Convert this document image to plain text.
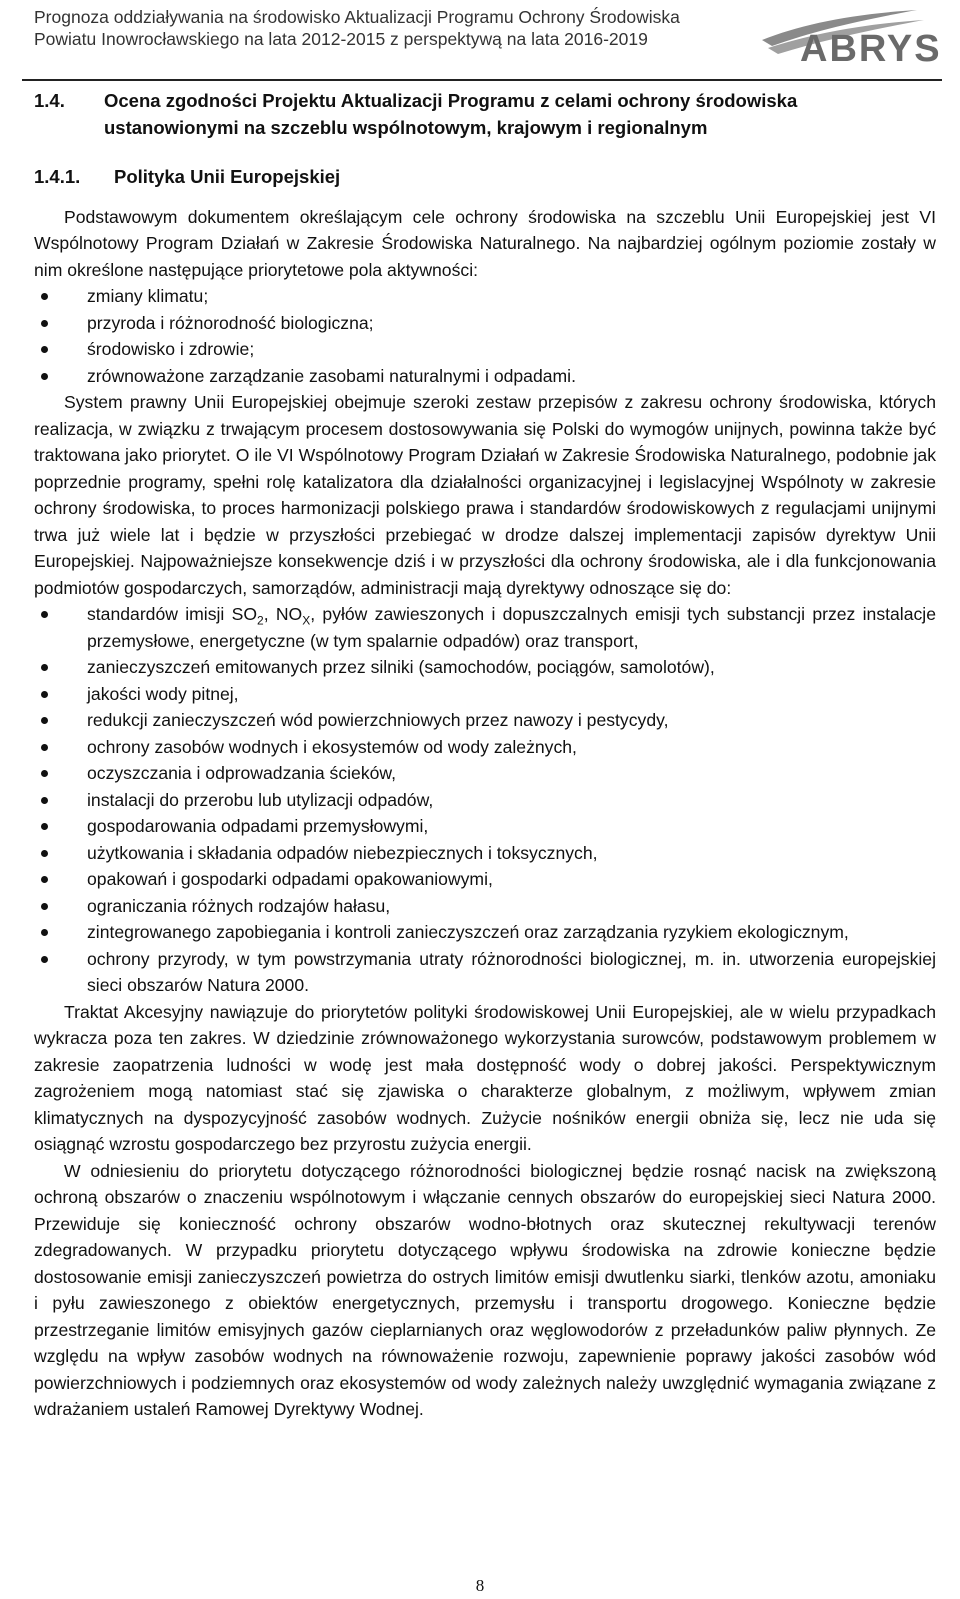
Prognoza oddziaływania na środowisko Aktualizacji Programu Ochrony Środowiska
Powiatu Inowrocławskiego na lata 2012-2015 z perspektywą na lata 2016-2019	ABRYS
1.4.	Ocena zgodności Projektu Aktualizacji Programu z celami ochrony środowiska ustanowionymi na szczeblu wspólnotowym, krajowym i regionalnym
1.4.1.	Polityka Unii Europejskiej

Podstawowym dokumentem określającym cele ochrony środowiska na szczeblu Unii Europejskiej jest VI Wspólnotowy Program Działań w Zakresie Środowiska Naturalnego. Na najbardziej ogólnym poziomie zostały w nim określone następujące priorytetowe pola aktywności:

zmiany klimatu;
przyroda i różnorodność biologiczna;
środowisko i zdrowie;
zrównoważone zarządzanie zasobami naturalnymi i odpadami.

System prawny Unii Europejskiej obejmuje szeroki zestaw przepisów z zakresu ochrony środowiska, których realizacja, w związku z trwającym procesem dostosowywania się Polski do wymogów unijnych, powinna także być traktowana jako priorytet. O ile VI Wspólnotowy Program Działań w Zakresie Środowiska Naturalnego, podobnie jak poprzednie programy, spełni rolę katalizatora dla działalności organizacyjnej i legislacyjnej Wspólnoty w zakresie ochrony środowiska, to proces harmonizacji polskiego prawa i standardów środowiskowych z regulacjami unijnymi trwa już wiele lat i będzie w przyszłości przebiegać w drodze dalszej implementacji zapisów dyrektyw Unii Europejskiej. Najpoważniejsze konsekwencje dziś i w przyszłości dla ochrony środowiska, ale i dla funkcjonowania podmiotów gospodarczych, samorządów, administracji mają dyrektywy odnoszące się do:

standardów imisji $SO_2$, $NO_X$, pyłów zawieszonych i dopuszczalnych emisji tych substancji przez instalacje przemysłowe, energetyczne (w tym spalarnie odpadów) oraz transport,
zanieczyszczeń emitowanych przez silniki (samochodów, pociągów, samolotów),
jakości wody pitnej,
redukcji zanieczyszczeń wód powierzchniowych przez nawozy i pestycydy,
ochrony zasobów wodnych i ekosystemów od wody zależnych,
oczyszczania i odprowadzania ścieków,
instalacji do przerobu lub utylizacji odpadów,
gospodarowania odpadami przemysłowymi,
użytkowania i składania odpadów niebezpiecznych i toksycznych,
opakowań i gospodarki odpadami opakowaniowymi,
ograniczania różnych rodzajów hałasu,
zintegrowanego zapobiegania i kontroli zanieczyszczeń oraz zarządzania ryzykiem ekologicznym,
ochrony przyrody, w tym powstrzymania utraty różnorodności biologicznej, m. in. utworzenia europejskiej sieci obszarów Natura 2000.

Traktat Akcesyjny nawiązuje do priorytetów polityki środowiskowej Unii Europejskiej, ale w wielu przypadkach wykracza poza ten zakres. W dziedzinie zrównoważonego wykorzystania surowców, podstawowym problemem w zakresie zaopatrzenia ludności w wodę jest mała dostępność wody o dobrej jakości. Perspektywicznym zagrożeniem mogą natomiast stać się zjawiska o charakterze globalnym, z możliwym, wpływem zmian klimatycznych na dyspozycyjność zasobów wodnych. Zużycie nośników energii obniża się, lecz nie uda się osiągnąć wzrostu gospodarczego bez przyrostu zużycia energii.

W odniesieniu do priorytetu dotyczącego różnorodności biologicznej będzie rosnąć nacisk na zwiększoną ochroną obszarów o znaczeniu wspólnotowym i włączanie cennych obszarów do europejskiej sieci Natura 2000. Przewiduje się konieczność ochrony obszarów wodno-błotnych oraz skutecznej rekultywacji terenów zdegradowanych. W przypadku priorytetu dotyczącego wpływu środowiska na zdrowie konieczne będzie dostosowanie emisji zanieczyszczeń powietrza do ostrych limitów emisji dwutlenku siarki, tlenków azotu, amoniaku i pyłu zawieszonego z obiektów energetycznych, przemysłu i transportu drogowego. Konieczne będzie przestrzeganie limitów emisyjnych gazów cieplarnianych oraz węglowodorów z przeładunków paliw płynnych. Ze względu na wpływ zasobów wodnych na równoważenie rozwoju, zapewnienie poprawy jakości zasobów wód powierzchniowych i podziemnych oraz ekosystemów od wody zależnych należy uwzględnić wymagania związane z wdrażaniem ustaleń Ramowej Dyrektywy Wodnej.

8
